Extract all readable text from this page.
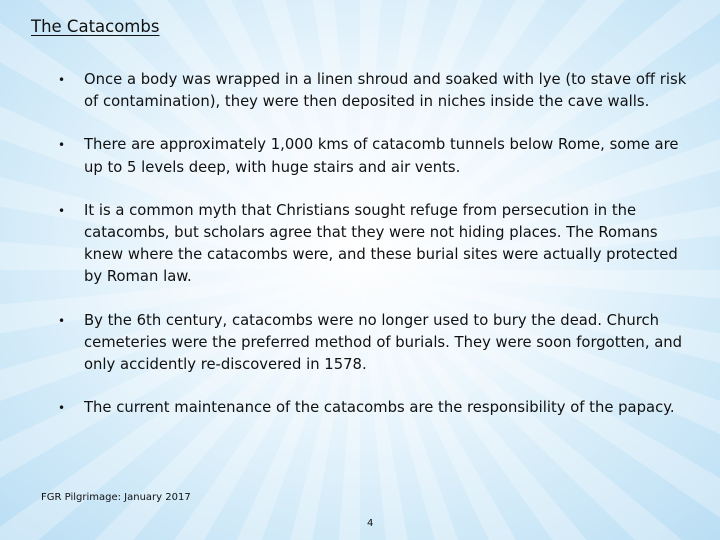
The Catacombs
• Once a body was wrapped in a linen shroud and soaked with lye (to stave off risk of contamination), they were then deposited in niches inside the cave walls.
• There are approximately 1,000 kms of catacomb tunnels below Rome, some are up to 5 levels deep, with huge stairs and air vents.
• It is a common myth that Christians sought refuge from persecution in the catacombs, but scholars agree that they were not hiding places. The Romans knew where the catacombs were, and these burial sites were actually protected by Roman law.
• By the 6th century, catacombs were no longer used to bury the dead. Church cemeteries were the preferred method of burials. They were soon forgotten, and only accidently re-discovered in 1578.
• The current maintenance of the catacombs are the responsibility of the papacy.
FGR Pilgrimage: January 2017
4
